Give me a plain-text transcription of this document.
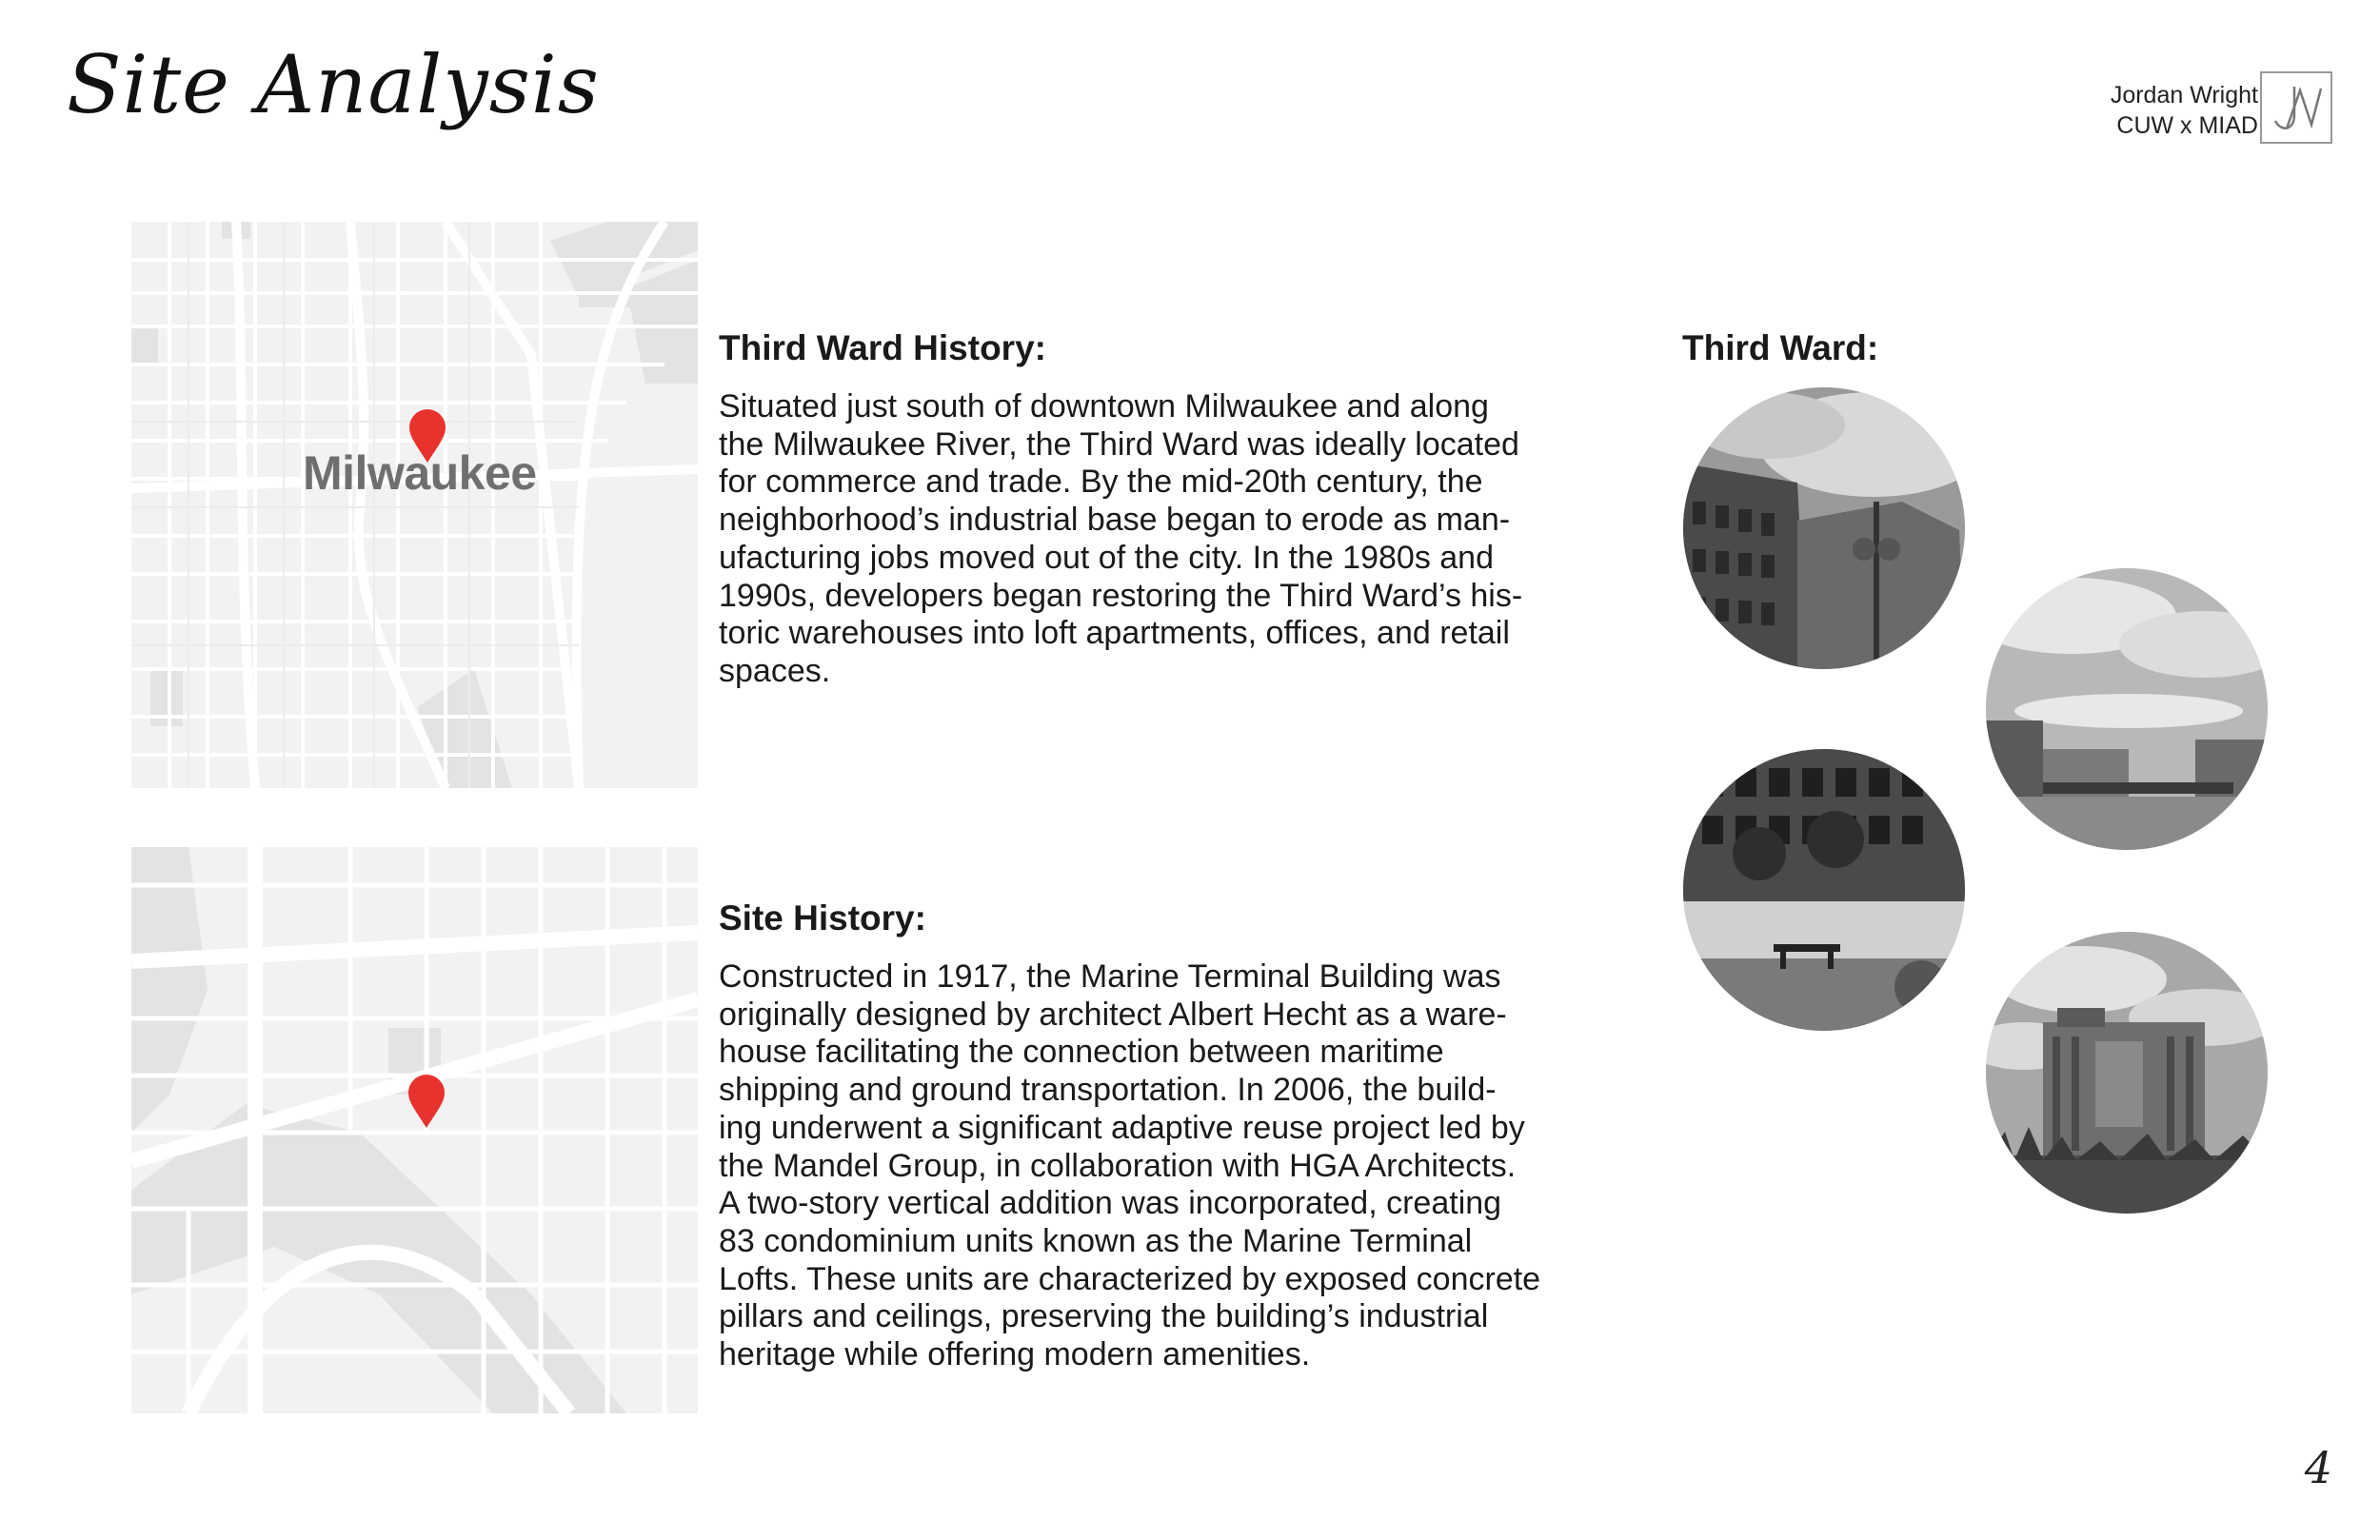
Site Analysis	Jordan Wright
CUW x MIAD
Milwaukee
Third Ward History:
Situated just south of downtown Milwaukee and along
the Milwaukee River, the Third Ward was ideally located
for commerce and trade. By the mid-20th century, the
neighborhood’s industrial base began to erode as man-
ufacturing jobs moved out of the city. In the 1980s and
1990s, developers began restoring the Third Ward’s his-
toric warehouses into loft apartments, offices, and retail
spaces.
Site History:
Constructed in 1917, the Marine Terminal Building was
originally designed by architect Albert Hecht as a ware-
house facilitating the connection between maritime
shipping and ground transportation. In 2006, the build-
ing underwent a significant adaptive reuse project led by
the Mandel Group, in collaboration with HGA Architects.
A two-story vertical addition was incorporated, creating
83 condominium units known as the Marine Terminal
Lofts. These units are characterized by exposed concrete
pillars and ceilings, preserving the building’s industrial
heritage while offering modern amenities.
Third Ward:
4
